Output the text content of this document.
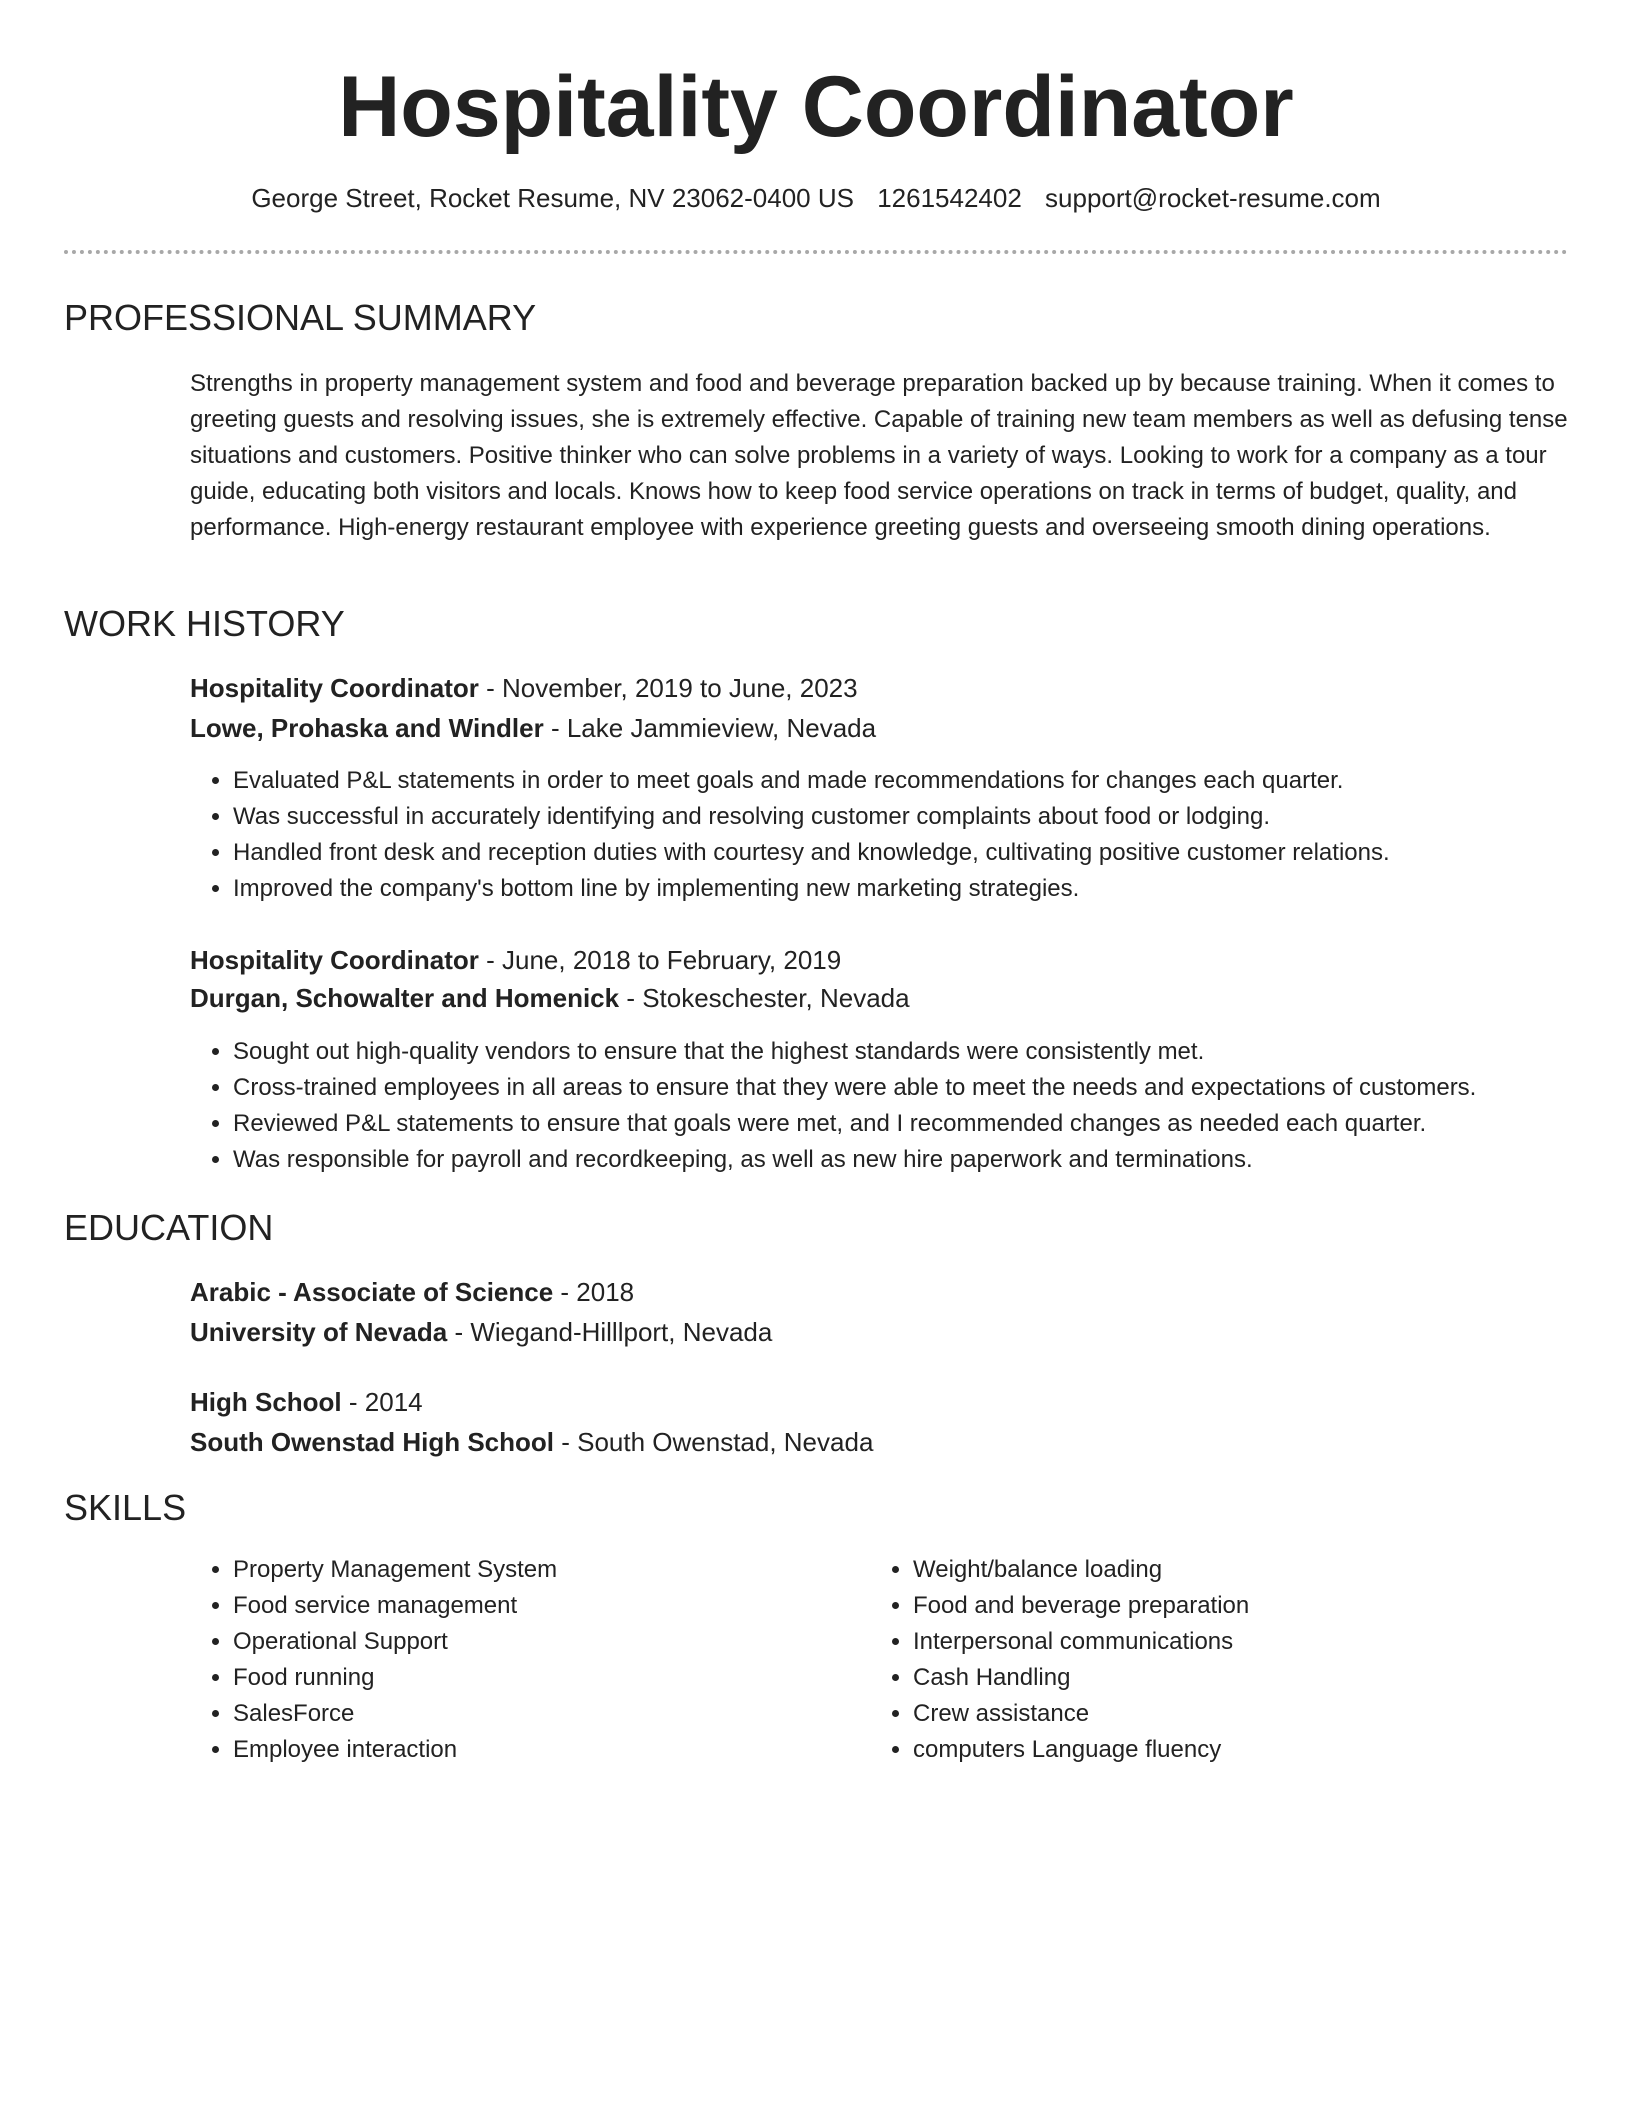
Hospitality Coordinator
George Street, Rocket Resume, NV 23062-0400 US 1261542402 support@rocket-resume.com
PROFESSIONAL SUMMARY

Strengths in property management system and food and beverage preparation backed up by because training. When it comes to greeting guests and resolving issues, she is extremely effective. Capable of training new team members as well as defusing tense situations and customers. Positive thinker who can solve problems in a variety of ways. Looking to work for a company as a tour guide, educating both visitors and locals. Knows how to keep food service operations on track in terms of budget, quality, and performance. High-energy restaurant employee with experience greeting guests and overseeing smooth dining operations.

WORK HISTORY
Hospitality Coordinator - November, 2019 to June, 2023
Lowe, Prohaska and Windler - Lake Jammieview, Nevada
• Evaluated P&L statements in order to meet goals and made recommendations for changes each quarter.
• Was successful in accurately identifying and resolving customer complaints about food or lodging.
• Handled front desk and reception duties with courtesy and knowledge, cultivating positive customer relations.
• Improved the company's bottom line by implementing new marketing strategies.
Hospitality Coordinator - June, 2018 to February, 2019
Durgan, Schowalter and Homenick - Stokeschester, Nevada
• Sought out high-quality vendors to ensure that the highest standards were consistently met.
• Cross-trained employees in all areas to ensure that they were able to meet the needs and expectations of customers.
• Reviewed P&L statements to ensure that goals were met, and I recommended changes as needed each quarter.
• Was responsible for payroll and recordkeeping, as well as new hire paperwork and terminations.
EDUCATION
Arabic - Associate of Science - 2018
University of Nevada - Wiegand-Hilllport, Nevada
High School - 2014
South Owenstad High School - South Owenstad, Nevada
SKILLS
• Property Management System
• Food service management
• Operational Support
• Food running
• SalesForce
• Employee interaction
• Weight/balance loading
• Food and beverage preparation
• Interpersonal communications
• Cash Handling
• Crew assistance
• computers Language fluency
